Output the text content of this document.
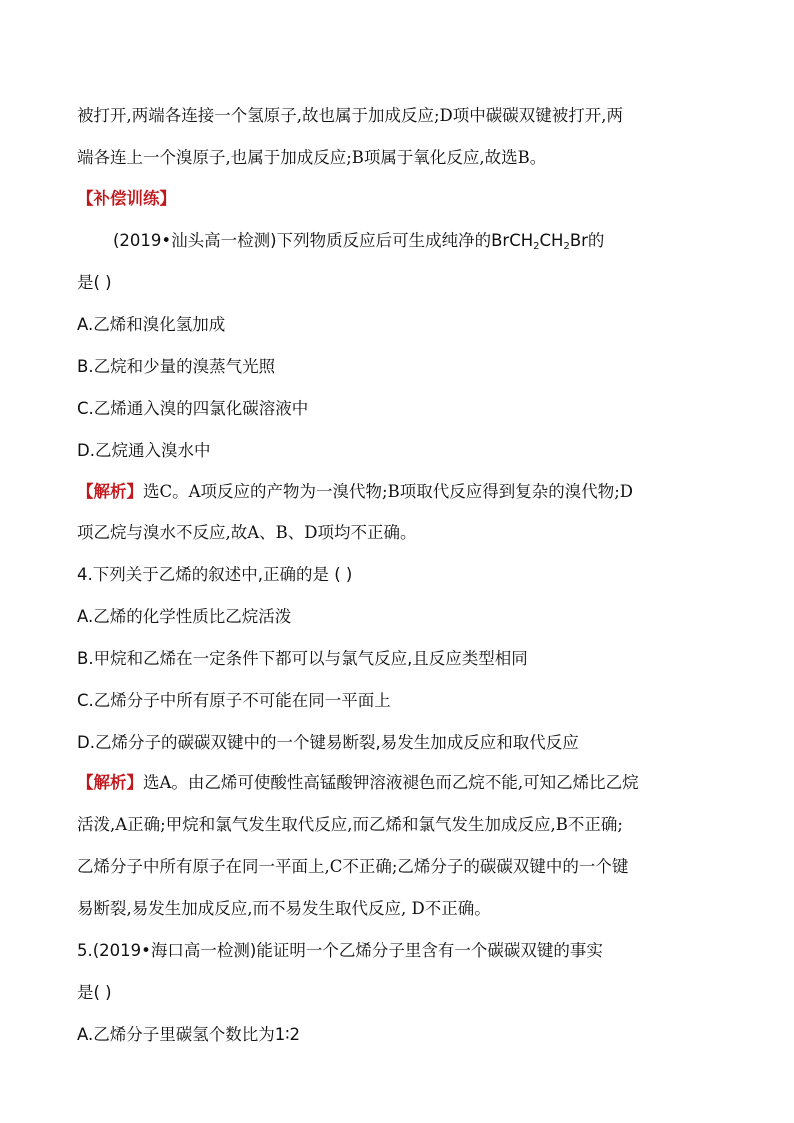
被打开,两端各连接一个氢原子,故也属于加成反应;D项中碳碳双键被打开,两
端各连上一个溴原子,也属于加成反应;B项属于氧化反应,故选B。
【补偿训练】
(2019•汕头高一检测)下列物质反应后可生成纯净的$BrCH_2CH_2Br$的
是( )
A.乙烯和溴化氢加成
B.乙烷和少量的溴蒸气光照
C.乙烯通入溴的四氯化碳溶液中
D.乙烷通入溴水中
【解析】选C。A项反应的产物为一溴代物;B项取代反应得到复杂的溴代物;D
项乙烷与溴水不反应,故A、B、D项均不正确。
4.下列关于乙烯的叙述中,正确的是 ( )
A.乙烯的化学性质比乙烷活泼
B.甲烷和乙烯在一定条件下都可以与氯气反应,且反应类型相同
C.乙烯分子中所有原子不可能在同一平面上
D.乙烯分子的碳碳双键中的一个键易断裂,易发生加成反应和取代反应
【解析】选A。由乙烯可使酸性高锰酸钾溶液褪色而乙烷不能,可知乙烯比乙烷
活泼,A正确;甲烷和氯气发生取代反应,而乙烯和氯气发生加成反应,B不正确;
乙烯分子中所有原子在同一平面上,C不正确;乙烯分子的碳碳双键中的一个键
易断裂,易发生加成反应,而不易发生取代反应, D不正确。
5.(2019•海口高一检测)能证明一个乙烯分子里含有一个碳碳双键的事实
是( )
A.乙烯分子里碳氢个数比为1∶2
